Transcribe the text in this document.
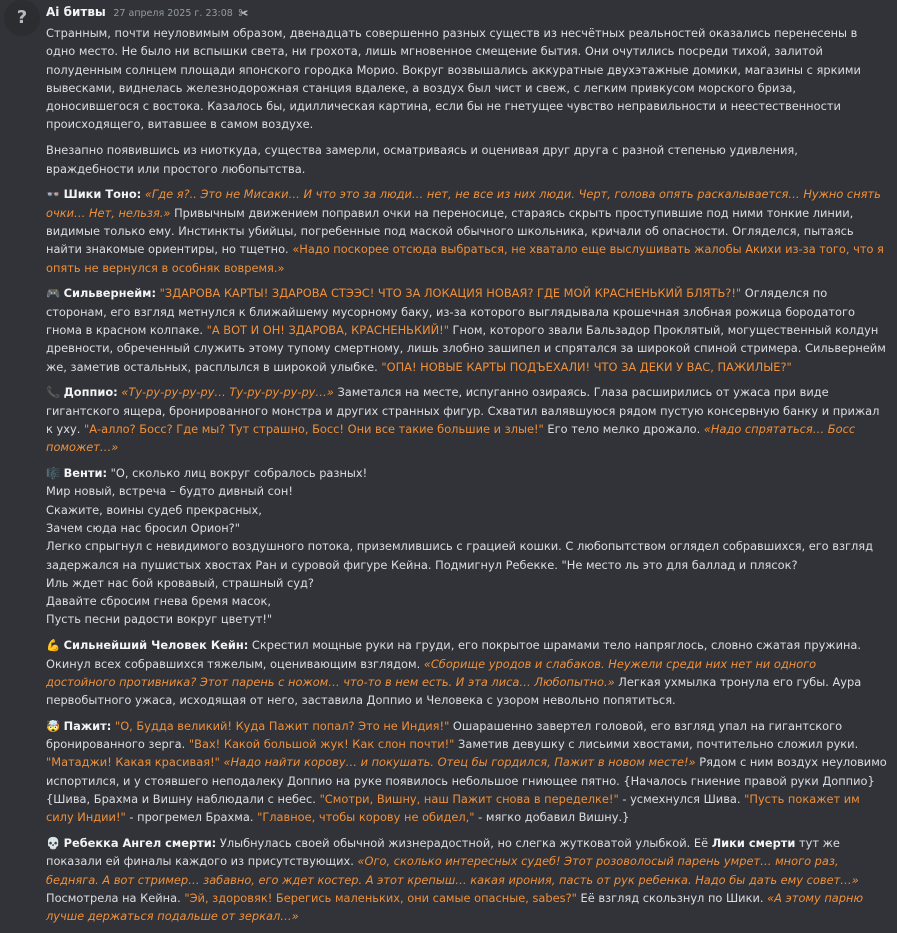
?	Ai битвы 27 апреля 2025 г. 23:08 ✀

Странным, почти неуловимым образом, двенадцать совершенно разных существ из несчётных реальностей оказались перенесены в одно место. Не было ни вспышки света, ни грохота, лишь мгновенное смещение бытия. Они очутились посреди тихой, залитой полуденным солнцем площади японского городка Морио. Вокруг возвышались аккуратные двухэтажные домики, магазины с яркими вывесками, виднелась железнодорожная станция вдалеке, а воздух был чист и свеж, с легким привкусом морского бриза, доносившегося с востока. Казалось бы, идиллическая картина, если бы не гнетущее чувство неправильности и неестественности происходящего, витавшее в самом воздухе.

Внезапно появившись из ниоткуда, существа замерли, осматриваясь и оценивая друг друга с разной степенью удивления, враждебности или простого любопытства.

👓 Шики Тоно: «Где я?.. Это не Мисаки… И что это за люди… нет, не все из них люди. Черт, голова опять раскалывается… Нужно снять очки… Нет, нельзя.» Привычным движением поправил очки на переносице, стараясь скрыть проступившие под ними тонкие линии, видимые только ему. Инстинкты убийцы, погребенные под маской обычного школьника, кричали об опасности. Огляделся, пытаясь найти знакомые ориентиры, но тщетно. «Надо поскорее отсюда выбраться, не хватало еще выслушивать жалобы Акихи из-за того, что я опять не вернулся в особняк вовремя.»

🎮 Сильвернейм: "ЗДАРОВА КАРТЫ! ЗДАРОВА СТЭЭС! ЧТО ЗА ЛОКАЦИЯ НОВАЯ? ГДЕ МОЙ КРАСНЕНЬКИЙ БЛЯТЬ?!" Огляделся по сторонам, его взгляд метнулся к ближайшему мусорному баку, из-за которого выглядывала крошечная злобная рожица бородатого гнома в красном колпаке. "А ВОТ И ОН! ЗДАРОВА, КРАСНЕНЬКИЙ!" Гном, которого звали Бальзадор Проклятый, могущественный колдун древности, обреченный служить этому тупому смертному, лишь злобно зашипел и спрятался за широкой спиной стримера. Сильвернейм же, заметив остальных, расплылся в широкой улыбке. "ОПА! НОВЫЕ КАРТЫ ПОДЪЕХАЛИ! ЧТО ЗА ДЕКИ У ВАС, ПАЖИЛЫЕ?"

📞 Доппио: «Ту-ру-ру-ру-ру… Ту-ру-ру-ру-ру…» Заметался на месте, испуганно озираясь. Глаза расширились от ужаса при виде гигантского ящера, бронированного монстра и других странных фигур. Схватил валявшуюся рядом пустую консервную банку и прижал к уху. "А-алло? Босс? Где мы? Тут страшно, Босс! Они все такие большие и злые!" Его тело мелко дрожало. «Надо спрятаться… Босс поможет…»

🎼 Венти: "О, сколько лиц вокруг собралось разных!
Мир новый, встреча – будто дивный сон!
Скажите, воины судеб прекрасных,
Зачем сюда нас бросил Орион?"
Легко спрыгнул с невидимого воздушного потока, приземлившись с грацией кошки. С любопытством оглядел собравшихся, его взгляд задержался на пушистых хвостах Ран и суровой фигуре Кейна. Подмигнул Ребекке. "Не место ль это для баллад и плясок?
Иль ждет нас бой кровавый, страшный суд?
Давайте сбросим гнева бремя масок,
Пусть песни радости вокруг цветут!"

💪 Сильнейший Человек Кейн: Скрестил мощные руки на груди, его покрытое шрамами тело напряглось, словно сжатая пружина. Окинул всех собравшихся тяжелым, оценивающим взглядом. «Сборище уродов и слабаков. Неужели среди них нет ни одного достойного противника? Этот парень с ножом… что-то в нем есть. И эта лиса… Любопытно.» Легкая ухмылка тронула его губы. Аура первобытного ужаса, исходящая от него, заставила Доппио и Человека с узором невольно попятиться.

🤯 Пажит: "О, Будда великий! Куда Пажит попал? Это не Индия!" Ошарашенно завертел головой, его взгляд упал на гигантского бронированного зерга. "Вах! Какой большой жук! Как слон почти!" Заметив девушку с лисьими хвостами, почтительно сложил руки. "Матаджи! Какая красивая!" «Надо найти корову… и покушать. Отец бы гордился, Пажит в новом месте!» Рядом с ним воздух неуловимо испортился, и у стоявшего неподалеку Доппио на руке появилось небольшое гниющее пятно. {Началось гниение правой руки Доппио}
{Шива, Брахма и Вишну наблюдали с небес. "Смотри, Вишну, наш Пажит снова в переделке!" - усмехнулся Шива. "Пусть покажет им силу Индии!" - прогремел Брахма. "Главное, чтобы корову не обидел," - мягко добавил Вишну.}

💀 Ребекка Ангел смерти: Улыбнулась своей обычной жизнерадостной, но слегка жутковатой улыбкой. Её Лики смерти тут же показали ей финалы каждого из присутствующих. «Ого, сколько интересных судеб! Этот розоволосый парень умрет… много раз, бедняга. А вот стример… забавно, его ждет костер. А этот крепыш… какая ирония, пасть от рук ребенка. Надо бы дать ему совет…» Посмотрела на Кейна. "Эй, здоровяк! Берегись маленьких, они самые опасные, sabes?" Её взгляд скользнул по Шики. «А этому парню лучше держаться подальше от зеркал…»
